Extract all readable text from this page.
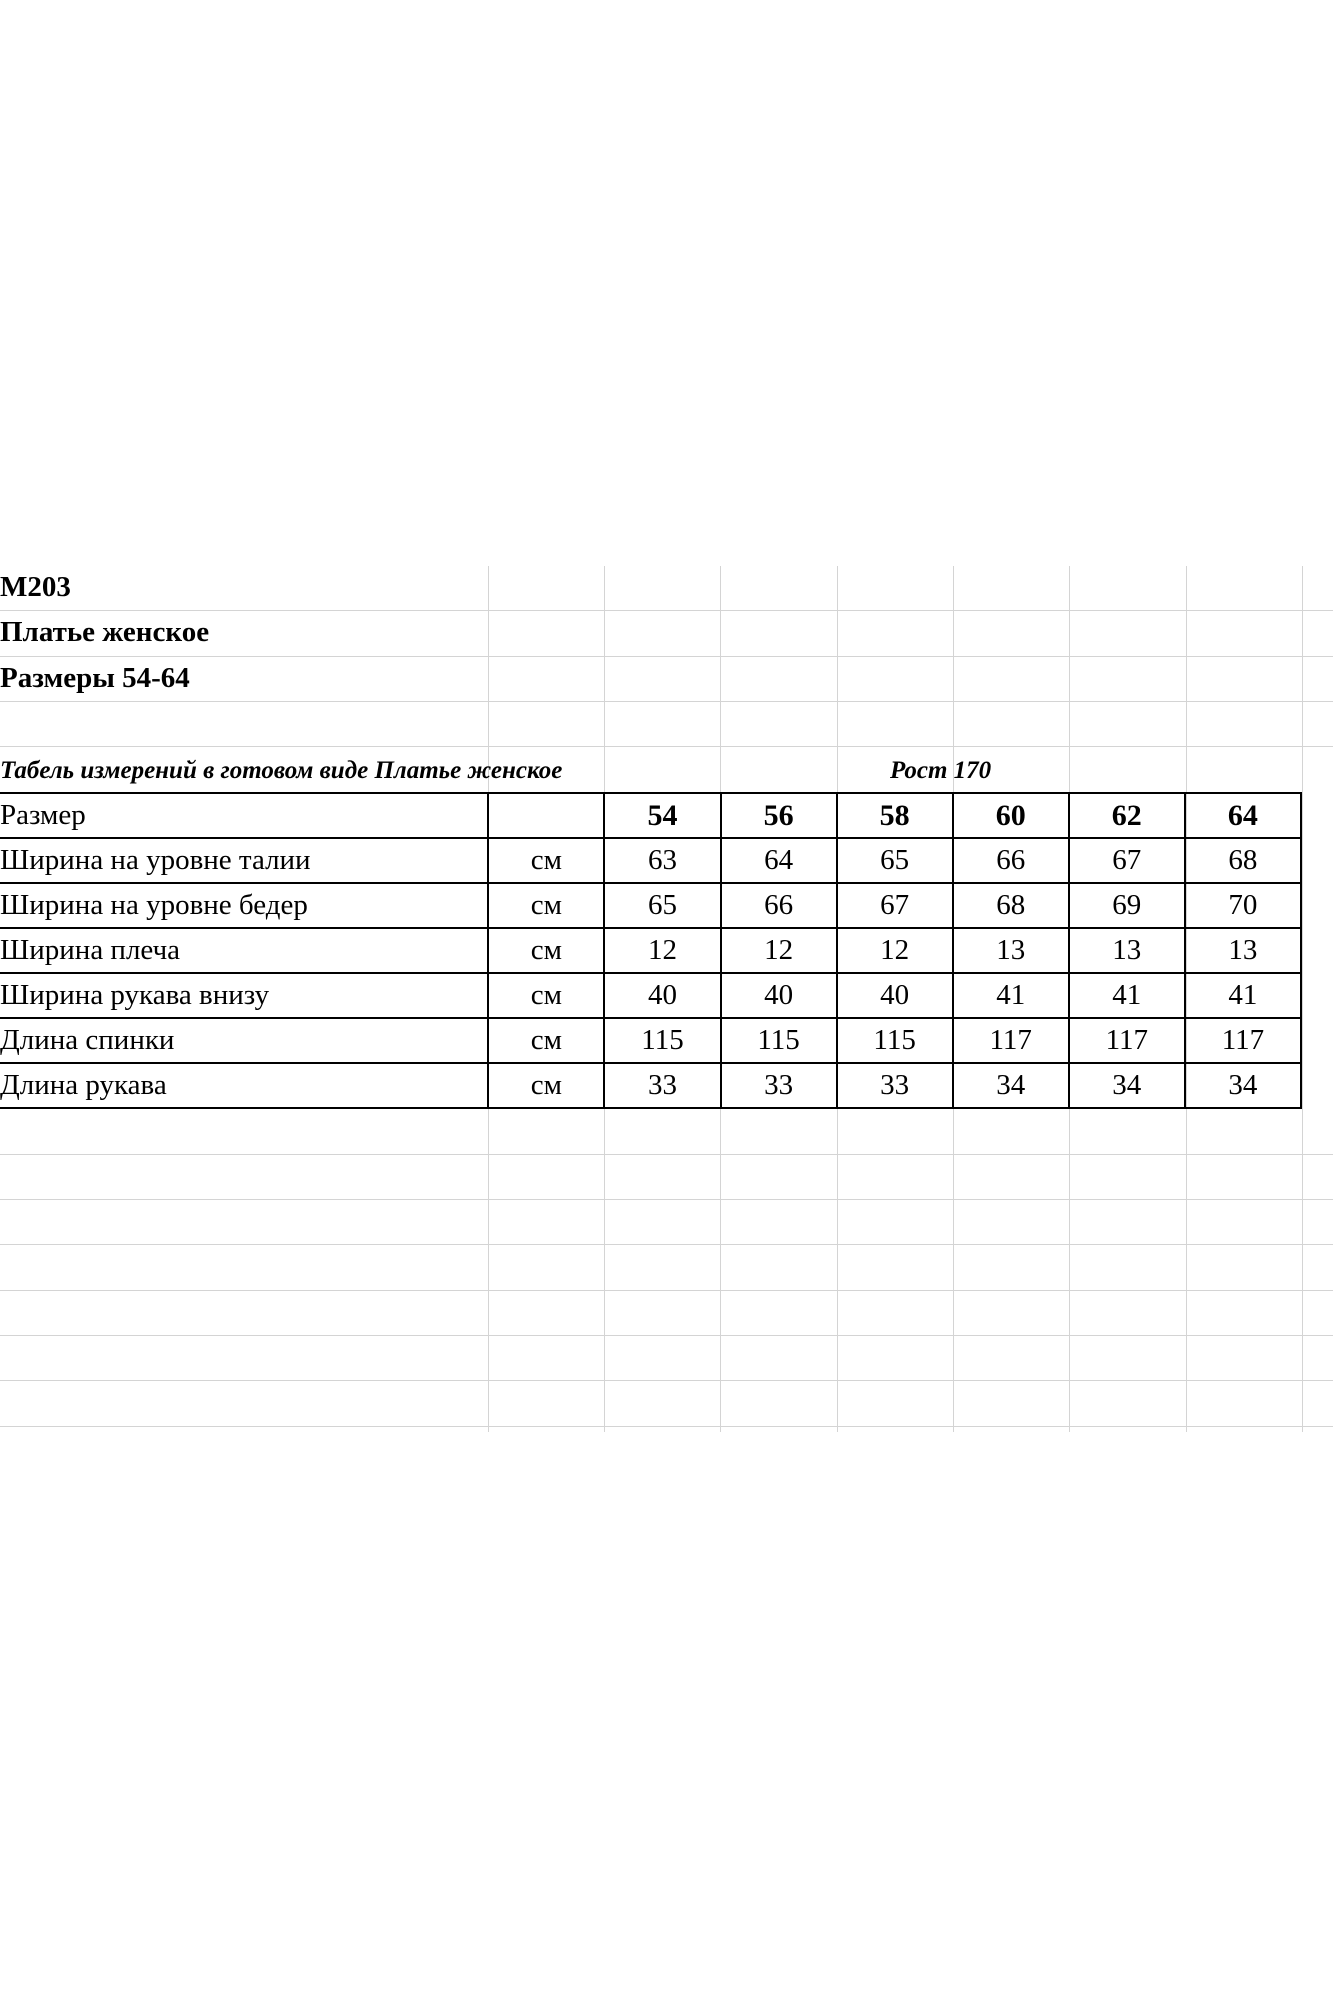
М203
Платье женское
Размеры 54-64
Табель измерений в готовом виде Платье женское	Рост 170
Размер		54	56	58	60	62	64
Ширина на уровне талии	см	63	64	65	66	67	68
Ширина на уровне бедер	см	65	66	67	68	69	70
Ширина плеча	см	12	12	12	13	13	13
Ширина рукава внизу	см	40	40	40	41	41	41
Длина спинки	см	115	115	115	117	117	117
Длина рукава	см	33	33	33	34	34	34
